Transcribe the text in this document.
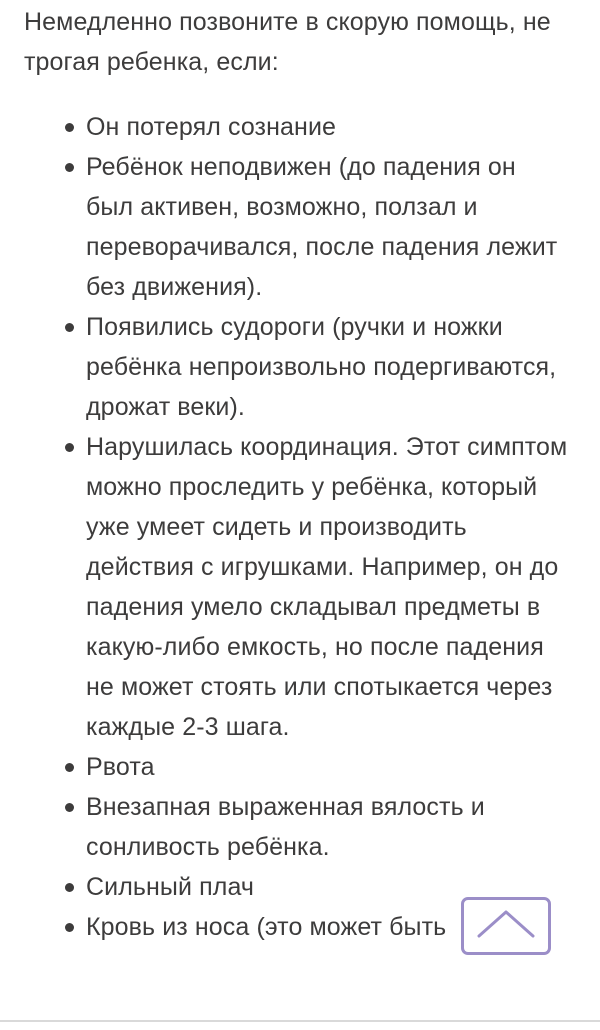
Немедленно позвоните в скорую помощь, не трогая ребенка, если:

Он потерял сознание
Ребёнок неподвижен (до падения он был активен, возможно, ползал и переворачивался, после падения лежит без движения).
Появились судороги (ручки и ножки ребёнка непроизвольно подергиваются, дрожат веки).
Нарушилась координация. Этот симптом можно проследить у ребёнка, который уже умеет сидеть и производить действия с игрушками. Например, он до падения умело складывал предметы в какую-либо емкость, но после падения не может стоять или спотыкается через каждые 2-3 шага.
Рвота
Внезапная выраженная вялость и сонливость ребёнка.
Сильный плач
Кровь из носа (это может быть
